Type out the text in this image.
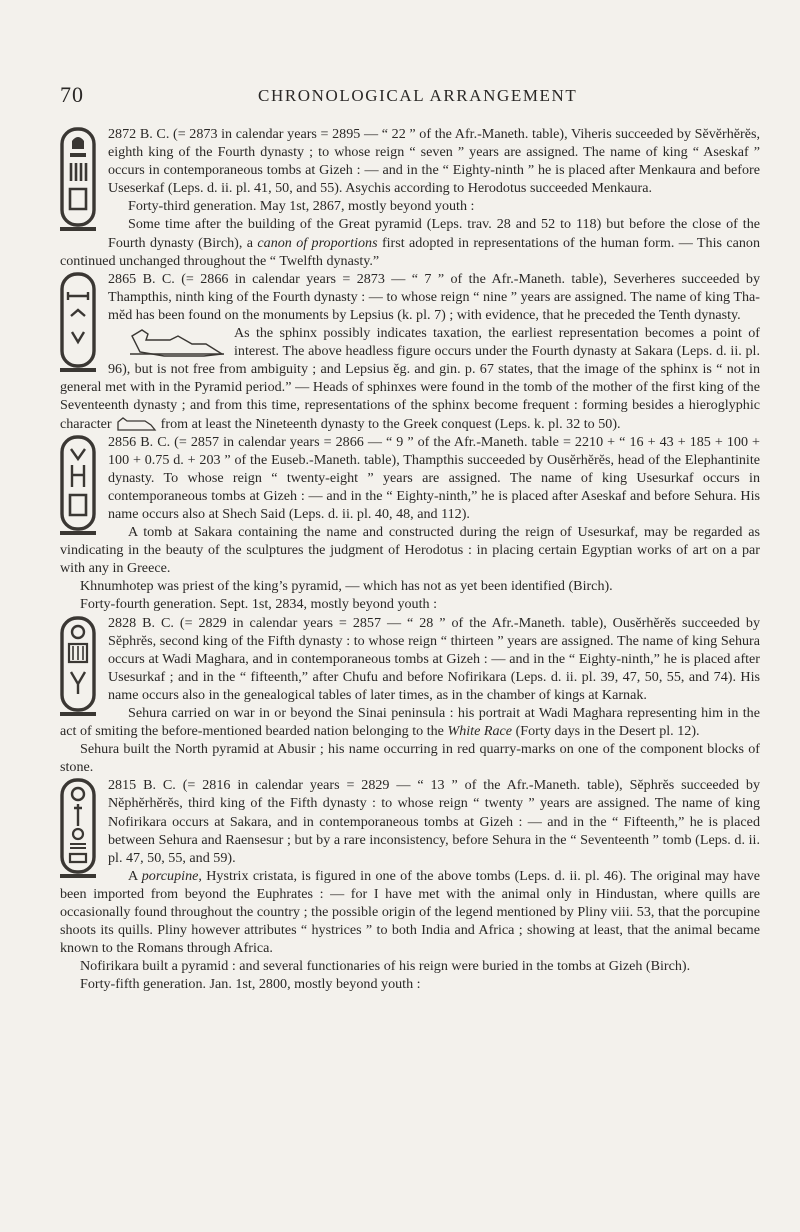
70	CHRONOLOGICAL ARRANGEMENT

2872 B. C. (= 2873 in calendar years = 2895 — “ 22 ” of the Afr.-Maneth. table), Viheris succeeded by Sĕvĕrhĕrĕs, eighth king of the Fourth dynasty ; to whose reign “ seven ” years are assigned. The name of king “ Aseskaf ” occurs in contemporaneous tombs at Gizeh : — and in the “ Eighty-ninth ” he is placed after Menkaura and before Useserkaf (Leps. d. ii. pl. 41, 50, and 55). Asychis according to Herodotus succeeded Menkaura.

Forty-third generation. May 1st, 2867, mostly beyond youth :

Some time after the building of the Great pyramid (Leps. trav. 28 and 52 to 118) but before the close of the Fourth dynasty (Birch), a canon of proportions first adopted in representations of the human form. — This canon continued unchanged throughout the “ Twelfth dynasty.”

2865 B. C. (= 2866 in calendar years = 2873 — “ 7 ” of the Afr.-Maneth. table), Severheres succeeded by Thampthis, ninth king of the Fourth dynasty : — to whose reign “ nine ” years are assigned. The name of king Tha-mĕd has been found on the monuments by Lepsius (k. pl. 7) ; with evidence, that he preceded the Tenth dynasty.

As the sphinx possibly indicates taxation, the earliest representation becomes a point of interest. The above headless figure occurs under the Fourth dynasty at Sakara (Leps. d. ii. pl. 96), but is not free from ambiguity ; and Lepsius ĕg. and gin. p. 67 states, that the image of the sphinx is “ not in general met with in the Pyramid period.” — Heads of sphinxes were found in the tomb of the mother of the first king of the Seventeenth dynasty ; and from this time, representations of the sphinx become frequent : forming besides a hieroglyphic character	from at least the Nineteenth dynasty to the Greek conquest (Leps. k. pl. 32 to 50).

2856 B. C. (= 2857 in calendar years = 2866 — “ 9 ” of the Afr.-Maneth. table = 2210 + “ 16 + 43 + 185 + 100 + 100 + 0.75 d. + 203 ” of the Euseb.-Maneth. table), Thampthis succeeded by Ousĕrhĕrĕs, head of the Elephantinite dynasty. To whose reign “ twenty-eight ” years are assigned. The name of king Usesurkaf occurs in contemporaneous tombs at Gizeh : — and in the “ Eighty-ninth,” he is placed after Aseskaf and before Sehura. His name occurs also at Shech Said (Leps. d. ii. pl. 40, 48, and 112).

A tomb at Sakara containing the name and constructed during the reign of Usesurkaf, may be regarded as vindicating in the beauty of the sculptures the judgment of Herodotus : in placing certain Egyptian works of art on a par with any in Greece.

Khnumhotep was priest of the king’s pyramid, — which has not as yet been identified (Birch).

Forty-fourth generation. Sept. 1st, 2834, mostly beyond youth :

2828 B. C. (= 2829 in calendar years = 2857 — “ 28 ” of the Afr.-Maneth. table), Ousĕrhĕrĕs succeeded by Sĕphrĕs, second king of the Fifth dynasty : to whose reign “ thirteen ” years are assigned. The name of king Sehura occurs at Wadi Maghara, and in contemporaneous tombs at Gizeh : — and in the “ Eighty-ninth,” he is placed after Usesurkaf ; and in the “ fifteenth,” after Chufu and before Nofirikara (Leps. d. ii. pl. 39, 47, 50, 55, and 74). His name occurs also in the genealogical tables of later times, as in the chamber of kings at Karnak.

Sehura carried on war in or beyond the Sinai peninsula : his portrait at Wadi Maghara representing him in the act of smiting the before-mentioned bearded nation belonging to the White Race (Forty days in the Desert pl. 12).

Sehura built the North pyramid at Abusir ; his name occurring in red quarry-marks on one of the component blocks of stone.

2815 B. C. (= 2816 in calendar years = 2829 — “ 13 ” of the Afr.-Maneth. table), Sĕphrĕs succeeded by Nĕphĕrhĕrĕs, third king of the Fifth dynasty : to whose reign “ twenty ” years are assigned. The name of king Nofirikara occurs at Sakara, and in contemporaneous tombs at Gizeh : — and in the “ Fifteenth,” he is placed between Sehura and Raensesur ; but by a rare inconsistency, before Sehura in the “ Seventeenth ” tomb (Leps. d. ii. pl. 47, 50, 55, and 59).

A porcupine, Hystrix cristata, is figured in one of the above tombs (Leps. d. ii. pl. 46). The original may have been imported from beyond the Euphrates : — for I have met with the animal only in Hindustan, where quills are occasionally found throughout the country ; the possible origin of the legend mentioned by Pliny viii. 53, that the porcupine shoots its quills. Pliny however attributes “ hystrices ” to both India and Africa ; showing at least, that the animal became known to the Romans through Africa.

Nofirikara built a pyramid : and several functionaries of his reign were buried in the tombs at Gizeh (Birch).

Forty-fifth generation. Jan. 1st, 2800, mostly beyond youth :
